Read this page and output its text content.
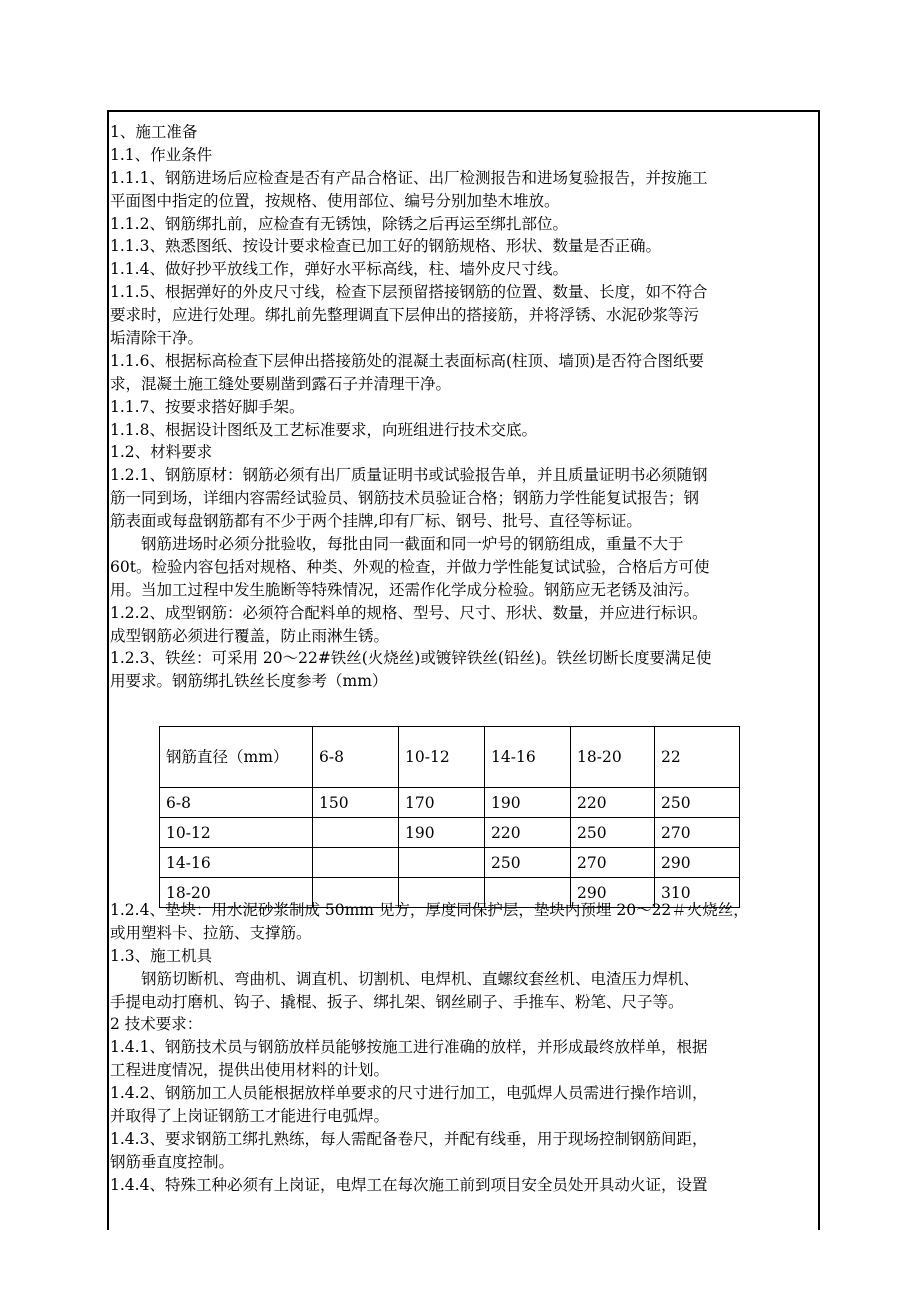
1、施工准备
1.1、作业条件
1.1.1、钢筋进场后应检查是否有产品合格证、出厂检测报告和进场复验报告，并按施工
平面图中指定的位置，按规格、使用部位、编号分别加垫木堆放。
1.1.2、钢筋绑扎前，应检查有无锈蚀，除锈之后再运至绑扎部位。
1.1.3、熟悉图纸、按设计要求检查已加工好的钢筋规格、形状、数量是否正确。
1.1.4、做好抄平放线工作，弹好水平标高线，柱、墙外皮尺寸线。
1.1.5、根据弹好的外皮尺寸线，检查下层预留搭接钢筋的位置、数量、长度，如不符合
要求时，应进行处理。绑扎前先整理调直下层伸出的搭接筋，并将浮锈、水泥砂浆等污
垢清除干净。
1.1.6、根据标高检查下层伸出搭接筋处的混凝土表面标高(柱顶、墙顶)是否符合图纸要
求，混凝土施工缝处要剔凿到露石子并清理干净。
1.1.7、按要求搭好脚手架。
1.1.8、根据设计图纸及工艺标准要求，向班组进行技术交底。
1.2、材料要求
1.2.1、钢筋原材：钢筋必须有出厂质量证明书或试验报告单，并且质量证明书必须随钢
筋一同到场，详细内容需经试验员、钢筋技术员验证合格；钢筋力学性能复试报告；钢
筋表面或每盘钢筋都有不少于两个挂牌,印有厂标、钢号、批号、直径等标证。
钢筋进场时必须分批验收，每批由同一截面和同一炉号的钢筋组成，重量不大于
60t。检验内容包括对规格、种类、外观的检查，并做力学性能复试试验，合格后方可使
用。当加工过程中发生脆断等特殊情况，还需作化学成分检验。钢筋应无老锈及油污。
1.2.2、成型钢筋：必须符合配料单的规格、型号、尺寸、形状、数量，并应进行标识。
成型钢筋必须进行覆盖，防止雨淋生锈。
1.2.3、铁丝：可采用 20～22#铁丝(火烧丝)或镀锌铁丝(铅丝)。铁丝切断长度要满足使
用要求。钢筋绑扎铁丝长度参考（mm）
钢筋直径（mm）	6-8	10-12	14-16	18-20	22
6-8	150	170	190	220	250
10-12		190	220	250	270
14-16			250	270	290
18-20				290	310
1.2.4、垫块：用水泥砂浆制成 50mm 见方，厚度同保护层，垫块内预埋 20～22＃火烧丝，
或用塑料卡、拉筋、支撑筋。
1.3、施工机具
钢筋切断机、弯曲机、调直机、切割机、电焊机、直螺纹套丝机、电渣压力焊机、
手提电动打磨机、钩子、撬棍、扳子、绑扎架、钢丝刷子、手推车、粉笔、尺子等。
2 技术要求：
1.4.1、钢筋技术员与钢筋放样员能够按施工进行准确的放样，并形成最终放样单，根据
工程进度情况，提供出使用材料的计划。
1.4.2、钢筋加工人员能根据放样单要求的尺寸进行加工，电弧焊人员需进行操作培训，
并取得了上岗证钢筋工才能进行电弧焊。
1.4.3、要求钢筋工绑扎熟练，每人需配备卷尺，并配有线垂，用于现场控制钢筋间距，
钢筋垂直度控制。
1.4.4、特殊工种必须有上岗证，电焊工在每次施工前到项目安全员处开具动火证，设置
